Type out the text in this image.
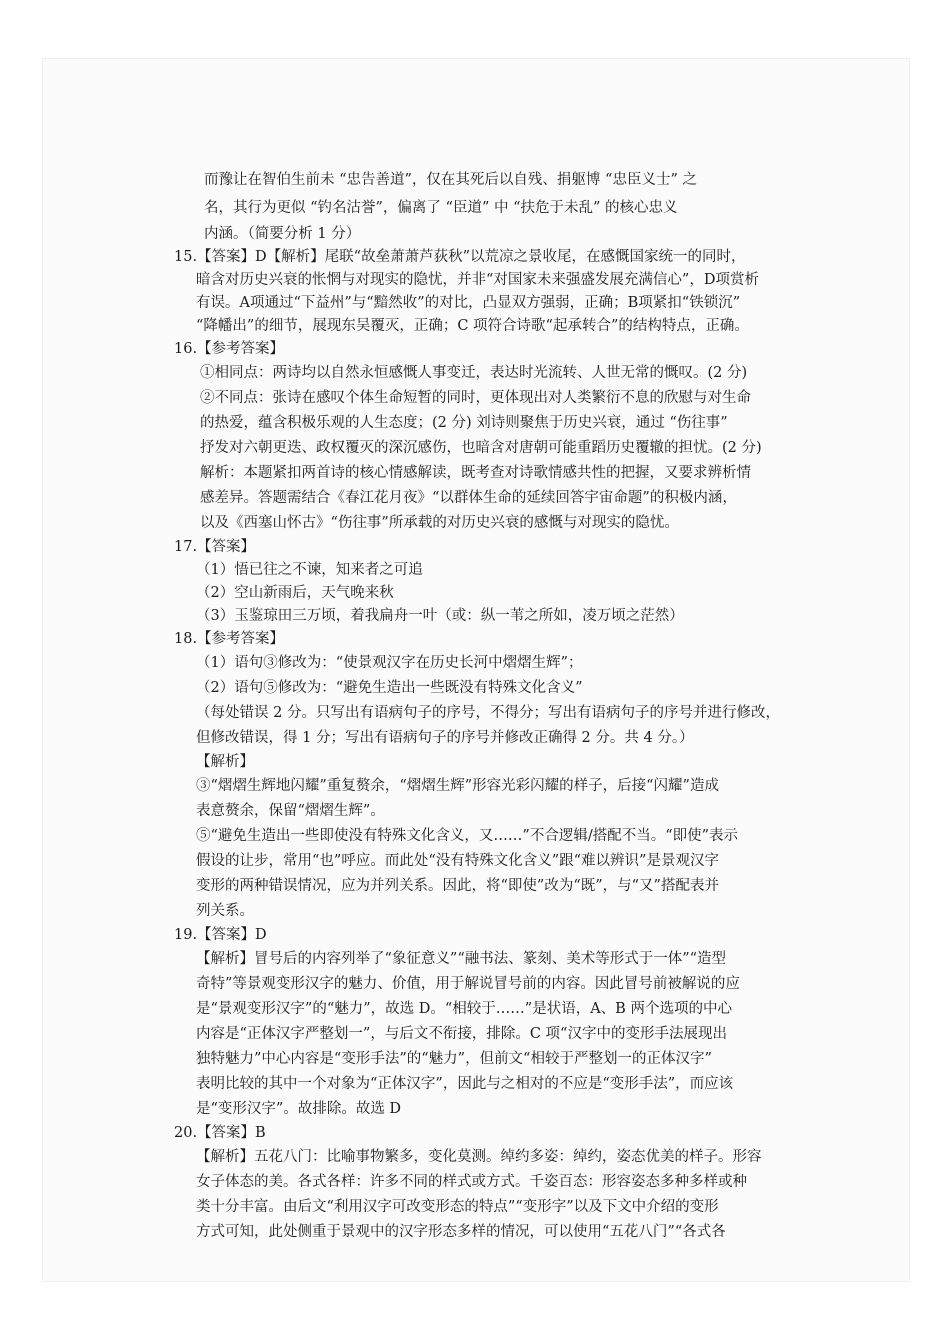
而豫让在智伯生前未 “忠告善道”，仅在其死后以自残、捐躯博 “忠臣义士” 之
名，其行为更似 “钓名沽誉”，偏离了 “臣道” 中 “扶危于未乱” 的核心忠义
内涵。（简要分析 1 分）
15.【答案】D【解析】尾联“故垒萧萧芦荻秋”以荒凉之景收尾，在感慨国家统一的同时，
暗含对历史兴衰的怅惘与对现实的隐忧，并非“对国家未来强盛发展充满信心”，D项赏析
有误。A项通过“下益州”与“黯然收”的对比，凸显双方强弱，正确；B项紧扣“铁锁沉”
“降幡出”的细节，展现东吴覆灭，正确；C 项符合诗歌“起承转合”的结构特点，正确。
16.【参考答案】
①相同点：两诗均以自然永恒感慨人事变迁，表达时光流转、人世无常的慨叹。(2 分)
②不同点：张诗在感叹个体生命短暂的同时，更体现出对人类繁衍不息的欣慰与对生命
的热爱，蕴含积极乐观的人生态度；(2 分) 刘诗则聚焦于历史兴衰，通过 “伤往事”
抒发对六朝更迭、政权覆灭的深沉感伤，也暗含对唐朝可能重蹈历史覆辙的担忧。(2 分)
解析：本题紧扣两首诗的核心情感解读，既考查对诗歌情感共性的把握，又要求辨析情
感差异。答题需结合《春江花月夜》“以群体生命的延续回答宇宙命题”的积极内涵，
以及《西塞山怀古》“伤往事”所承载的对历史兴衰的感慨与对现实的隐忧。
17.【答案】
（1）悟已往之不谏，知来者之可追
（2）空山新雨后，天气晚来秋
（3）玉鉴琼田三万顷，着我扁舟一叶（或：纵一苇之所如，凌万顷之茫然）
18.【参考答案】
（1）语句③修改为：“使景观汉字在历史长河中熠熠生辉”；
（2）语句⑤修改为：“避免生造出一些既没有特殊文化含义”
（每处错误 2 分。只写出有语病句子的序号，不得分；写出有语病句子的序号并进行修改，
但修改错误，得 1 分；写出有语病句子的序号并修改正确得 2 分。共 4 分。）
【解析】
③“熠熠生辉地闪耀”重复赘余，“熠熠生辉”形容光彩闪耀的样子，后接“闪耀”造成
表意赘余，保留“熠熠生辉”。
⑤“避免生造出一些即使没有特殊文化含义，又……”不合逻辑/搭配不当。“即使”表示
假设的让步，常用“也”呼应。而此处“没有特殊文化含义”跟“难以辨识”是景观汉字
变形的两种错误情况，应为并列关系。因此，将“即使”改为“既”，与“又”搭配表并
列关系。
19.【答案】D
【解析】冒号后的内容列举了“象征意义”“融书法、篆刻、美术等形式于一体”“造型
奇特”等景观变形汉字的魅力、价值，用于解说冒号前的内容。因此冒号前被解说的应
是“景观变形汉字”的“魅力”，故选 D。“相较于……”是状语，A、B 两个选项的中心
内容是“正体汉字严整划一”，与后文不衔接，排除。C 项“汉字中的变形手法展现出
独特魅力”中心内容是“变形手法”的“魅力”，但前文“相较于严整划一的正体汉字”
表明比较的其中一个对象为“正体汉字”，因此与之相对的不应是“变形手法”，而应该
是“变形汉字”。故排除。故选 D
20.【答案】B
【解析】五花八门：比喻事物繁多，变化莫测。绰约多姿：绰约，姿态优美的样子。形容
女子体态的美。各式各样：许多不同的样式或方式。千姿百态：形容姿态多种多样或种
类十分丰富。由后文“利用汉字可改变形态的特点”“变形字”以及下文中介绍的变形
方式可知，此处侧重于景观中的汉字形态多样的情况，可以使用“五花八门”“各式各
